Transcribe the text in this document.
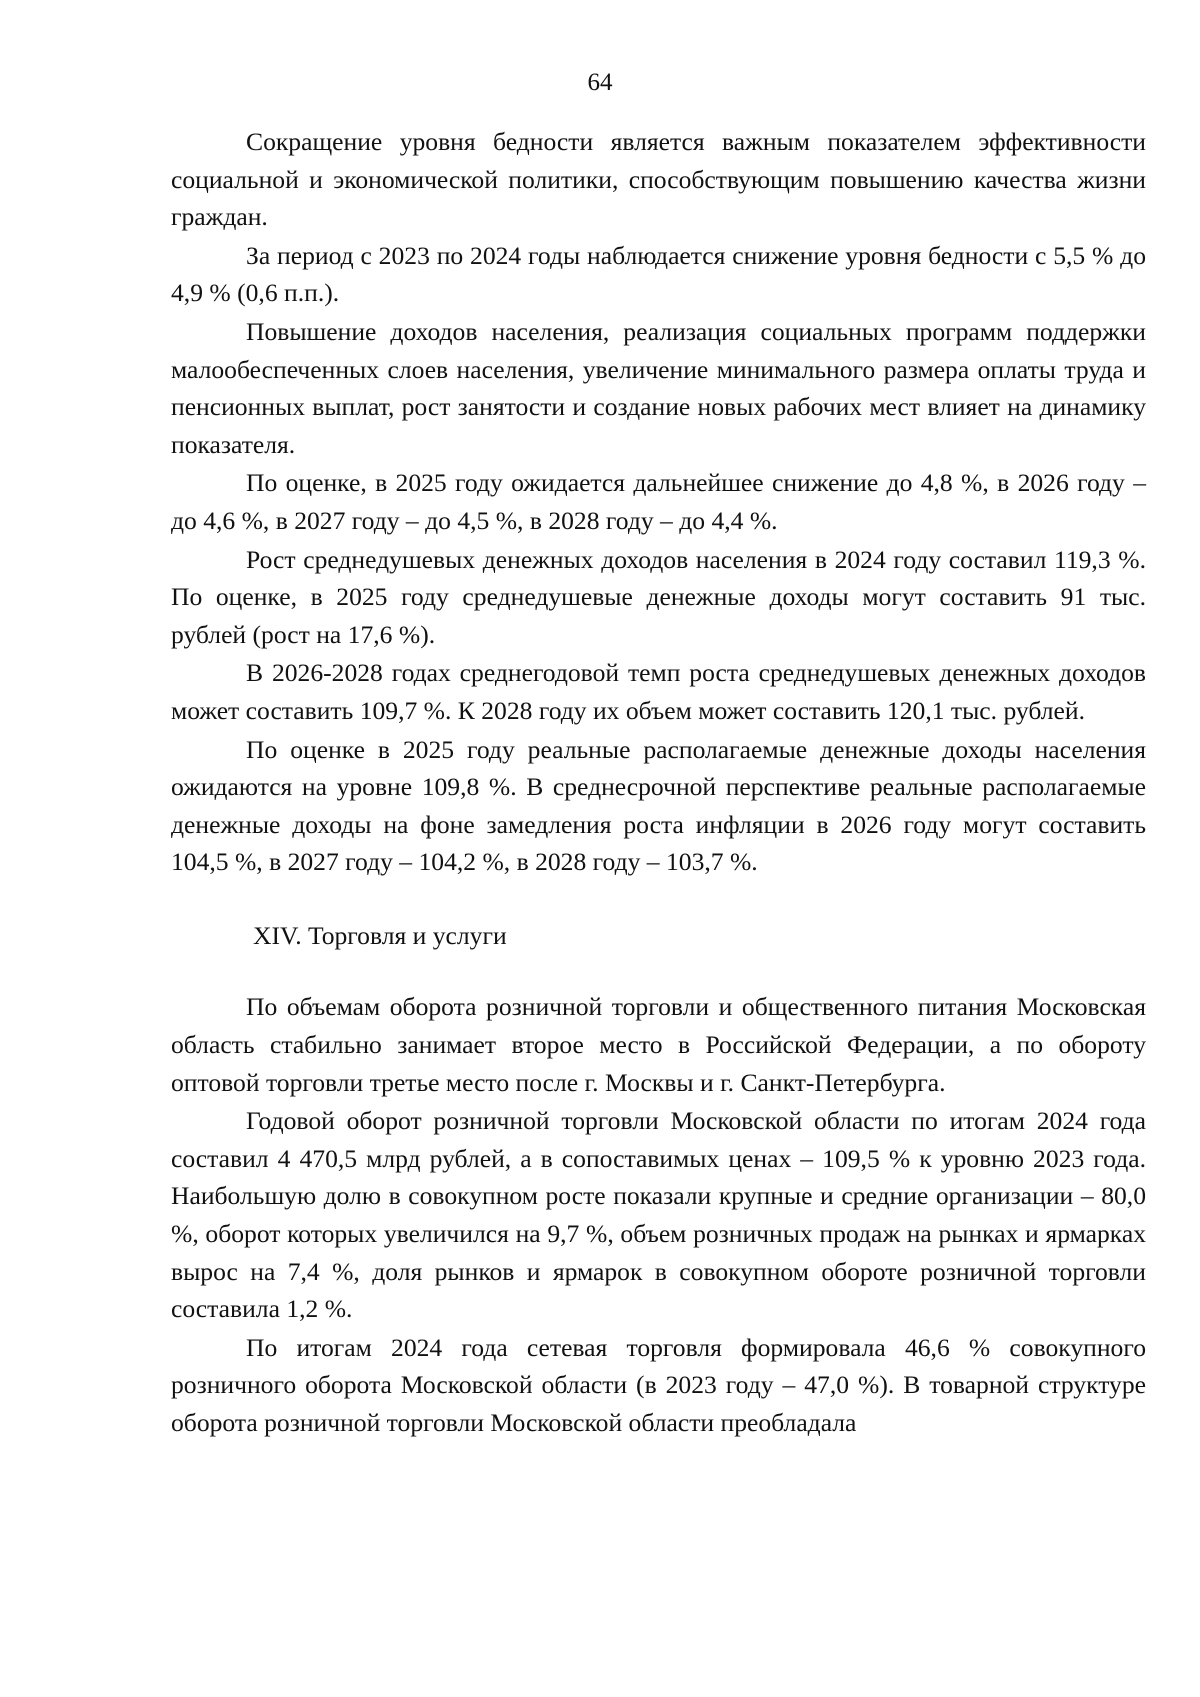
64

Сокращение уровня бедности является важным показателем эффективности социальной и экономической политики, способствующим повышению качества жизни граждан.

За период с 2023 по 2024 годы наблюдается снижение уровня бедности с 5,5 % до 4,9 % (0,6 п.п.).

Повышение доходов населения, реализация социальных программ поддержки малообеспеченных слоев населения, увеличение минимального размера оплаты труда и пенсионных выплат, рост занятости и создание новых рабочих мест влияет на динамику показателя.

По оценке, в 2025 году ожидается дальнейшее снижение до 4,8 %, в 2026 году – до 4,6 %, в 2027 году – до 4,5 %, в 2028 году – до 4,4 %.

Рост среднедушевых денежных доходов населения в 2024 году составил 119,3 %. По оценке, в 2025 году среднедушевые денежные доходы могут составить 91 тыс. рублей (рост на 17,6 %).

В 2026-2028 годах среднегодовой темп роста среднедушевых денежных доходов может составить 109,7 %. К 2028 году их объем может составить 120,1 тыс. рублей.

По оценке в 2025 году реальные располагаемые денежные доходы населения ожидаются на уровне 109,8 %. В среднесрочной перспективе реальные располагаемые денежные доходы на фоне замедления роста инфляции в 2026 году могут составить 104,5 %, в 2027 году – 104,2 %, в 2028 году – 103,7 %.

XIV. Торговля и услуги

По объемам оборота розничной торговли и общественного питания Московская область стабильно занимает второе место в Российской Федерации, а по обороту оптовой торговли третье место после г. Москвы и г. Санкт-Петербурга.

Годовой оборот розничной торговли Московской области по итогам 2024 года составил 4 470,5 млрд рублей, а в сопоставимых ценах – 109,5 % к уровню 2023 года. Наибольшую долю в совокупном росте показали крупные и средние организации – 80,0 %, оборот которых увеличился на 9,7 %, объем розничных продаж на рынках и ярмарках вырос на 7,4 %, доля рынков и ярмарок в совокупном обороте розничной торговли составила 1,2 %.

По итогам 2024 года сетевая торговля формировала 46,6 % совокупного розничного оборота Московской области (в 2023 году – 47,0 %). В товарной структуре оборота розничной торговли Московской области преобладала
